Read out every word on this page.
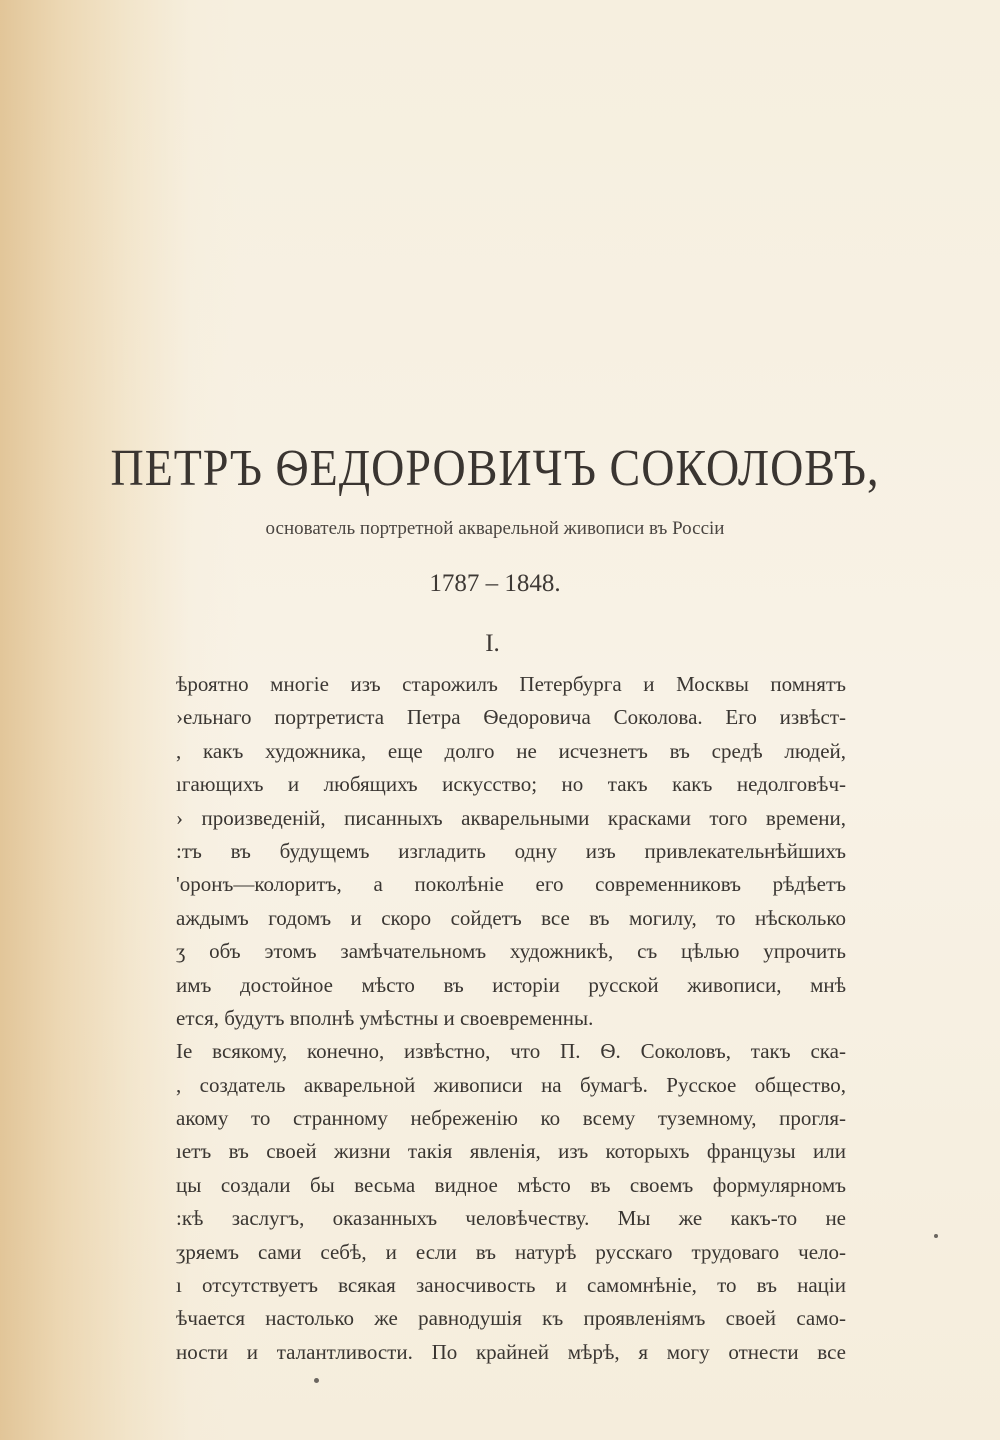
ПЕТРЪ ѲЕДОРОВИЧЪ СОКОЛОВЪ,
основатель портретной акварельной живописи въ Россіи
1787 – 1848.
I.
ѣроятно многіе изъ старожилъ Петербурга и Москвы помнятъ
›ельнаго портретиста Петра Ѳедоровича Соколова. Его извѣст-
, какъ художника, еще долго не исчезнетъ въ средѣ людей,
ıгающихъ и любящихъ искусство; но такъ какъ недолговѣч-
› произведеній, писанныхъ акварельными красками того времени,
:тъ въ будущемъ изгладить одну изъ привлекательнѣйшихъ
'оронъ—колоритъ, а поколѣніе его современниковъ рѣдѣетъ
аждымъ годомъ и скоро сойдетъ все въ могилу, то нѣсколько
ʒ объ этомъ замѣчательномъ художникѣ, съ цѣлью упрочить
имъ достойное мѣсто въ исторіи русской живописи, мнѣ
ется, будутъ вполнѣ умѣстны и своевременны.
Iе всякому, конечно, извѣстно, что П. Ѳ. Соколовъ, такъ ска-
, создатель акварельной живописи на бумагѣ. Русское общество,
акому то странному небреженію ко всему туземному, прогля-
ıетъ въ своей жизни такія явленія, изъ которыхъ французы или
цы создали бы весьма видное мѣсто въ своемъ формулярномъ
:кѣ заслугъ, оказанныхъ человѣчеству. Мы же какъ-то не
ʒряемъ сами себѣ, и если въ натурѣ русскаго трудоваго чело-
ı отсутствуетъ всякая заносчивость и самомнѣніе, то въ націи
ѣчается настолько же равнодушія къ проявленіямъ своей само-
ности и талантливости. По крайней мѣрѣ, я могу отнести все
